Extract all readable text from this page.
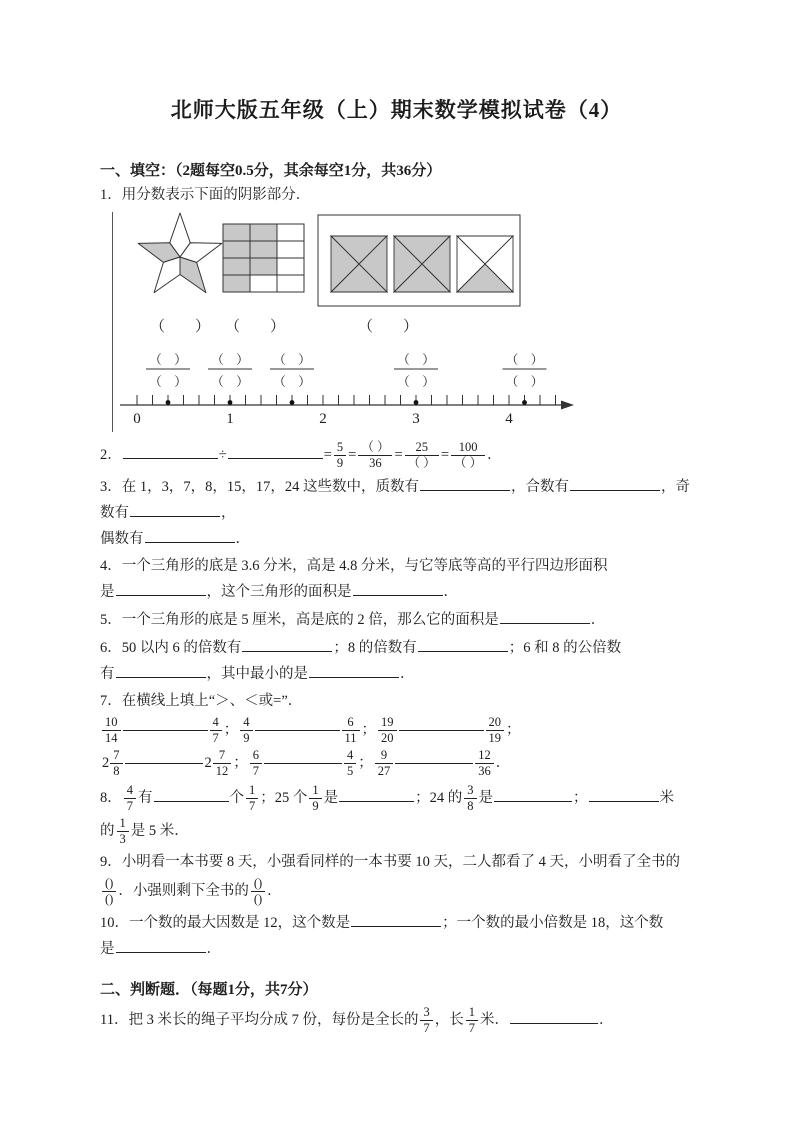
北师大版五年级（上）期末数学模拟试卷（4）
一、填空：（2题每空0.5分，其余每空1分，共36分）
1．用分数表示下面的阴影部分．
（　　） （　　）	（　　）
0	1	2	3	4
（　）
（　）
（　）
（　）
（　）
（　）
（　）
（　）
（　）
（　）
2．	÷	= $\frac{5}{9} = \frac{( )}{36} = \frac{25}{( )} = \frac{100}{( )}$ ．
3．在 1，3，7，8，15，17，24 这些数中，质数有	，合数有	，奇
数有	，
偶数有	．
4．一个三角形的底是 3.6 分米，高是 4.8 分米，与它等底等高的平行四边形面积
是	，这个三角形的面积是	．
5．一个三角形的底是 5 厘米，高是底的 2 倍，那么它的面积是	．
6．50 以内 6 的倍数有	；8 的倍数有	；6 和 8 的公倍数
有	，其中最小的是	．
7．在横线上填上“＞、＜或=”．
$\frac{10}{14}$	$\frac{4}{7}$ ； $\frac{4}{9}$	$\frac{6}{11}$ ； $\frac{19}{20}$	$\frac{20}{19}$ ；
$2 \frac{7}{8}$	$2 \frac{7}{12}$ ； $\frac{6}{7}$	$\frac{4}{5}$ ； $\frac{9}{27}$	$\frac{12}{36}$ ．
8． $\frac{4}{7}$ 有	个 $\frac{1}{7}$ ；25 个 $\frac{1}{9}$ 是	；24 的 $\frac{3}{8}$ 是	；	米
的 $\frac{1}{3}$ 是 5 米．
9．小明看一本书要 8 天，小强看同样的一本书要 10 天，二人都看了 4 天，小明看了全书的
$\frac{()}{()}$ ．小强则剩下全书的 $\frac{()}{()}$ ．
10．一个数的最大因数是 12，这个数是	；一个数的最小倍数是 18，这个数
是	．
二、判断题．（每题1分，共7分）
11．把 3 米长的绳子平均分成 7 份，每份是全长的 $\frac{3}{7}$ ，长 $\frac{1}{7}$ 米．	．
